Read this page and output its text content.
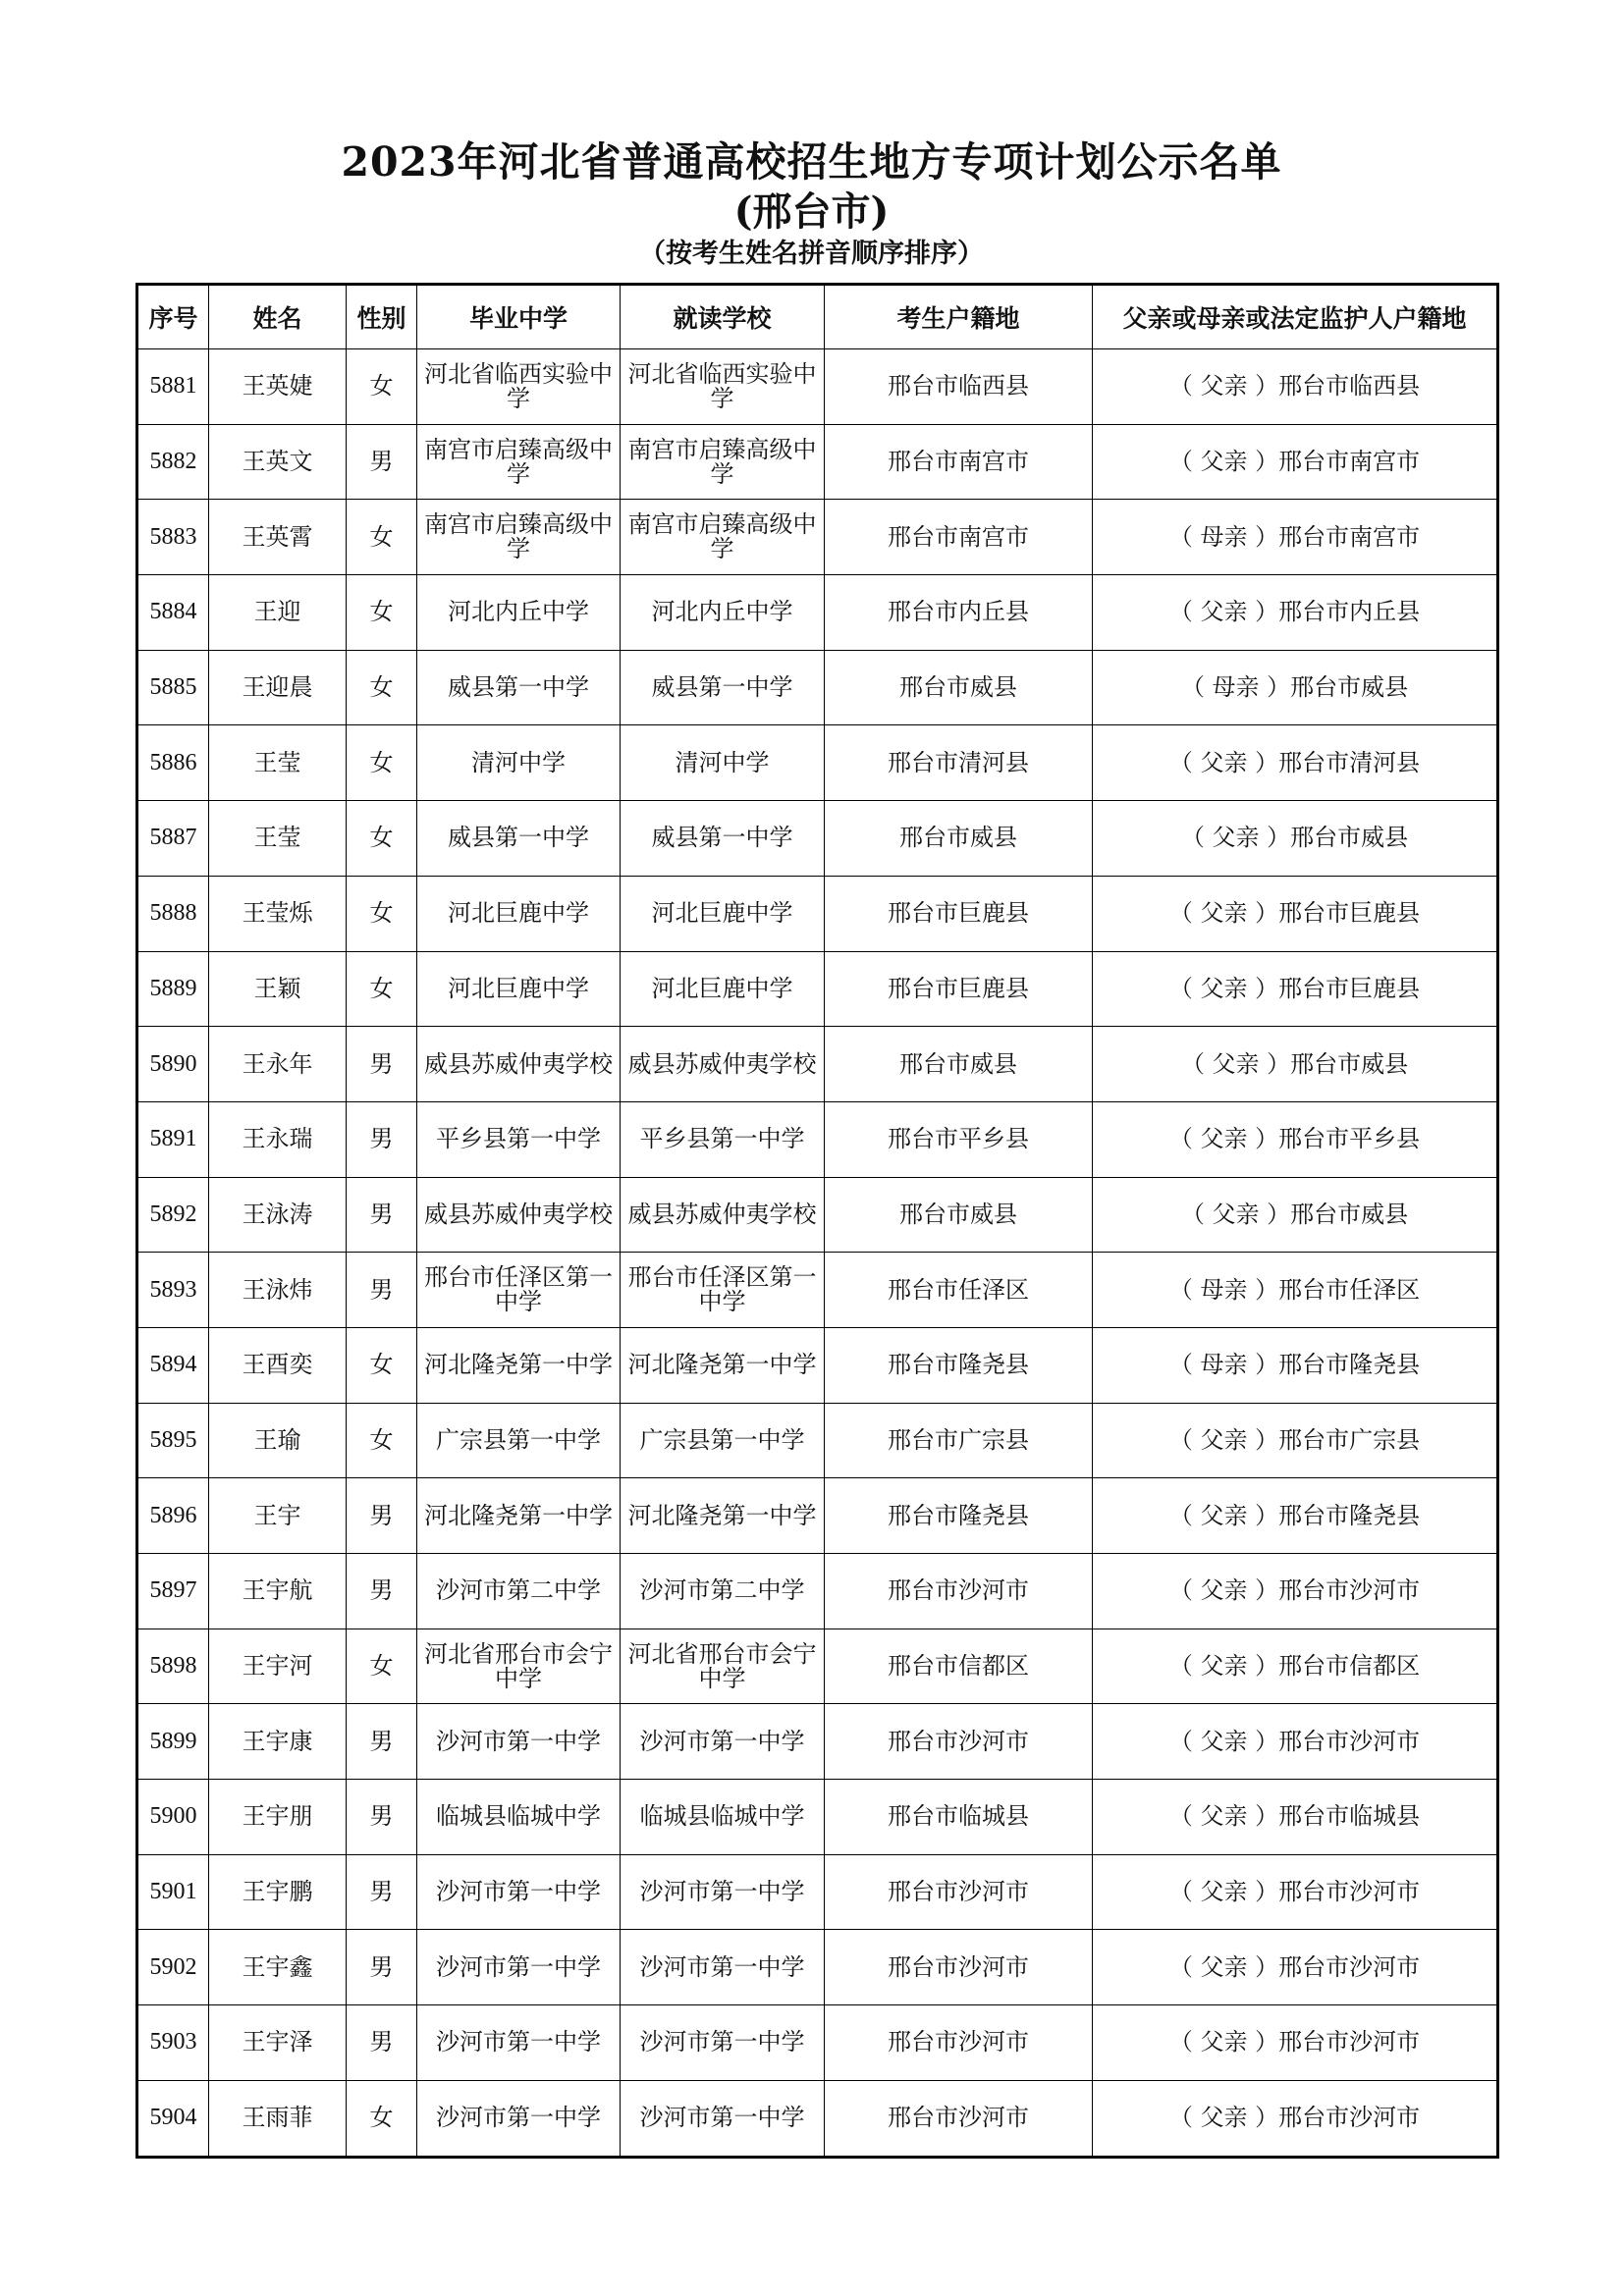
2023年河北省普通高校招生地方专项计划公示名单
(邢台市)
（按考生姓名拼音顺序排序）
序号	姓名	性别	毕业中学	就读学校	考生户籍地	父亲或母亲或法定监护人户籍地
5881	王英婕	女	河北省临西实验中学	河北省临西实验中学	邢台市临西县	（ 父亲 ）邢台市临西县
5882	王英文	男	南宫市启臻高级中学	南宫市启臻高级中学	邢台市南宫市	（ 父亲 ）邢台市南宫市
5883	王英霄	女	南宫市启臻高级中学	南宫市启臻高级中学	邢台市南宫市	（ 母亲 ）邢台市南宫市
5884	王迎	女	河北内丘中学	河北内丘中学	邢台市内丘县	（ 父亲 ）邢台市内丘县
5885	王迎晨	女	威县第一中学	威县第一中学	邢台市威县	（ 母亲 ）邢台市威县
5886	王莹	女	清河中学	清河中学	邢台市清河县	（ 父亲 ）邢台市清河县
5887	王莹	女	威县第一中学	威县第一中学	邢台市威县	（ 父亲 ）邢台市威县
5888	王莹烁	女	河北巨鹿中学	河北巨鹿中学	邢台市巨鹿县	（ 父亲 ）邢台市巨鹿县
5889	王颖	女	河北巨鹿中学	河北巨鹿中学	邢台市巨鹿县	（ 父亲 ）邢台市巨鹿县
5890	王永年	男	威县苏威仲夷学校	威县苏威仲夷学校	邢台市威县	（ 父亲 ）邢台市威县
5891	王永瑞	男	平乡县第一中学	平乡县第一中学	邢台市平乡县	（ 父亲 ）邢台市平乡县
5892	王泳涛	男	威县苏威仲夷学校	威县苏威仲夷学校	邢台市威县	（ 父亲 ）邢台市威县
5893	王泳炜	男	邢台市任泽区第一中学	邢台市任泽区第一中学	邢台市任泽区	（ 母亲 ）邢台市任泽区
5894	王酉奕	女	河北隆尧第一中学	河北隆尧第一中学	邢台市隆尧县	（ 母亲 ）邢台市隆尧县
5895	王瑜	女	广宗县第一中学	广宗县第一中学	邢台市广宗县	（ 父亲 ）邢台市广宗县
5896	王宇	男	河北隆尧第一中学	河北隆尧第一中学	邢台市隆尧县	（ 父亲 ）邢台市隆尧县
5897	王宇航	男	沙河市第二中学	沙河市第二中学	邢台市沙河市	（ 父亲 ）邢台市沙河市
5898	王宇河	女	河北省邢台市会宁中学	河北省邢台市会宁中学	邢台市信都区	（ 父亲 ）邢台市信都区
5899	王宇康	男	沙河市第一中学	沙河市第一中学	邢台市沙河市	（ 父亲 ）邢台市沙河市
5900	王宇朋	男	临城县临城中学	临城县临城中学	邢台市临城县	（ 父亲 ）邢台市临城县
5901	王宇鹏	男	沙河市第一中学	沙河市第一中学	邢台市沙河市	（ 父亲 ）邢台市沙河市
5902	王宇鑫	男	沙河市第一中学	沙河市第一中学	邢台市沙河市	（ 父亲 ）邢台市沙河市
5903	王宇泽	男	沙河市第一中学	沙河市第一中学	邢台市沙河市	（ 父亲 ）邢台市沙河市
5904	王雨菲	女	沙河市第一中学	沙河市第一中学	邢台市沙河市	（ 父亲 ）邢台市沙河市
